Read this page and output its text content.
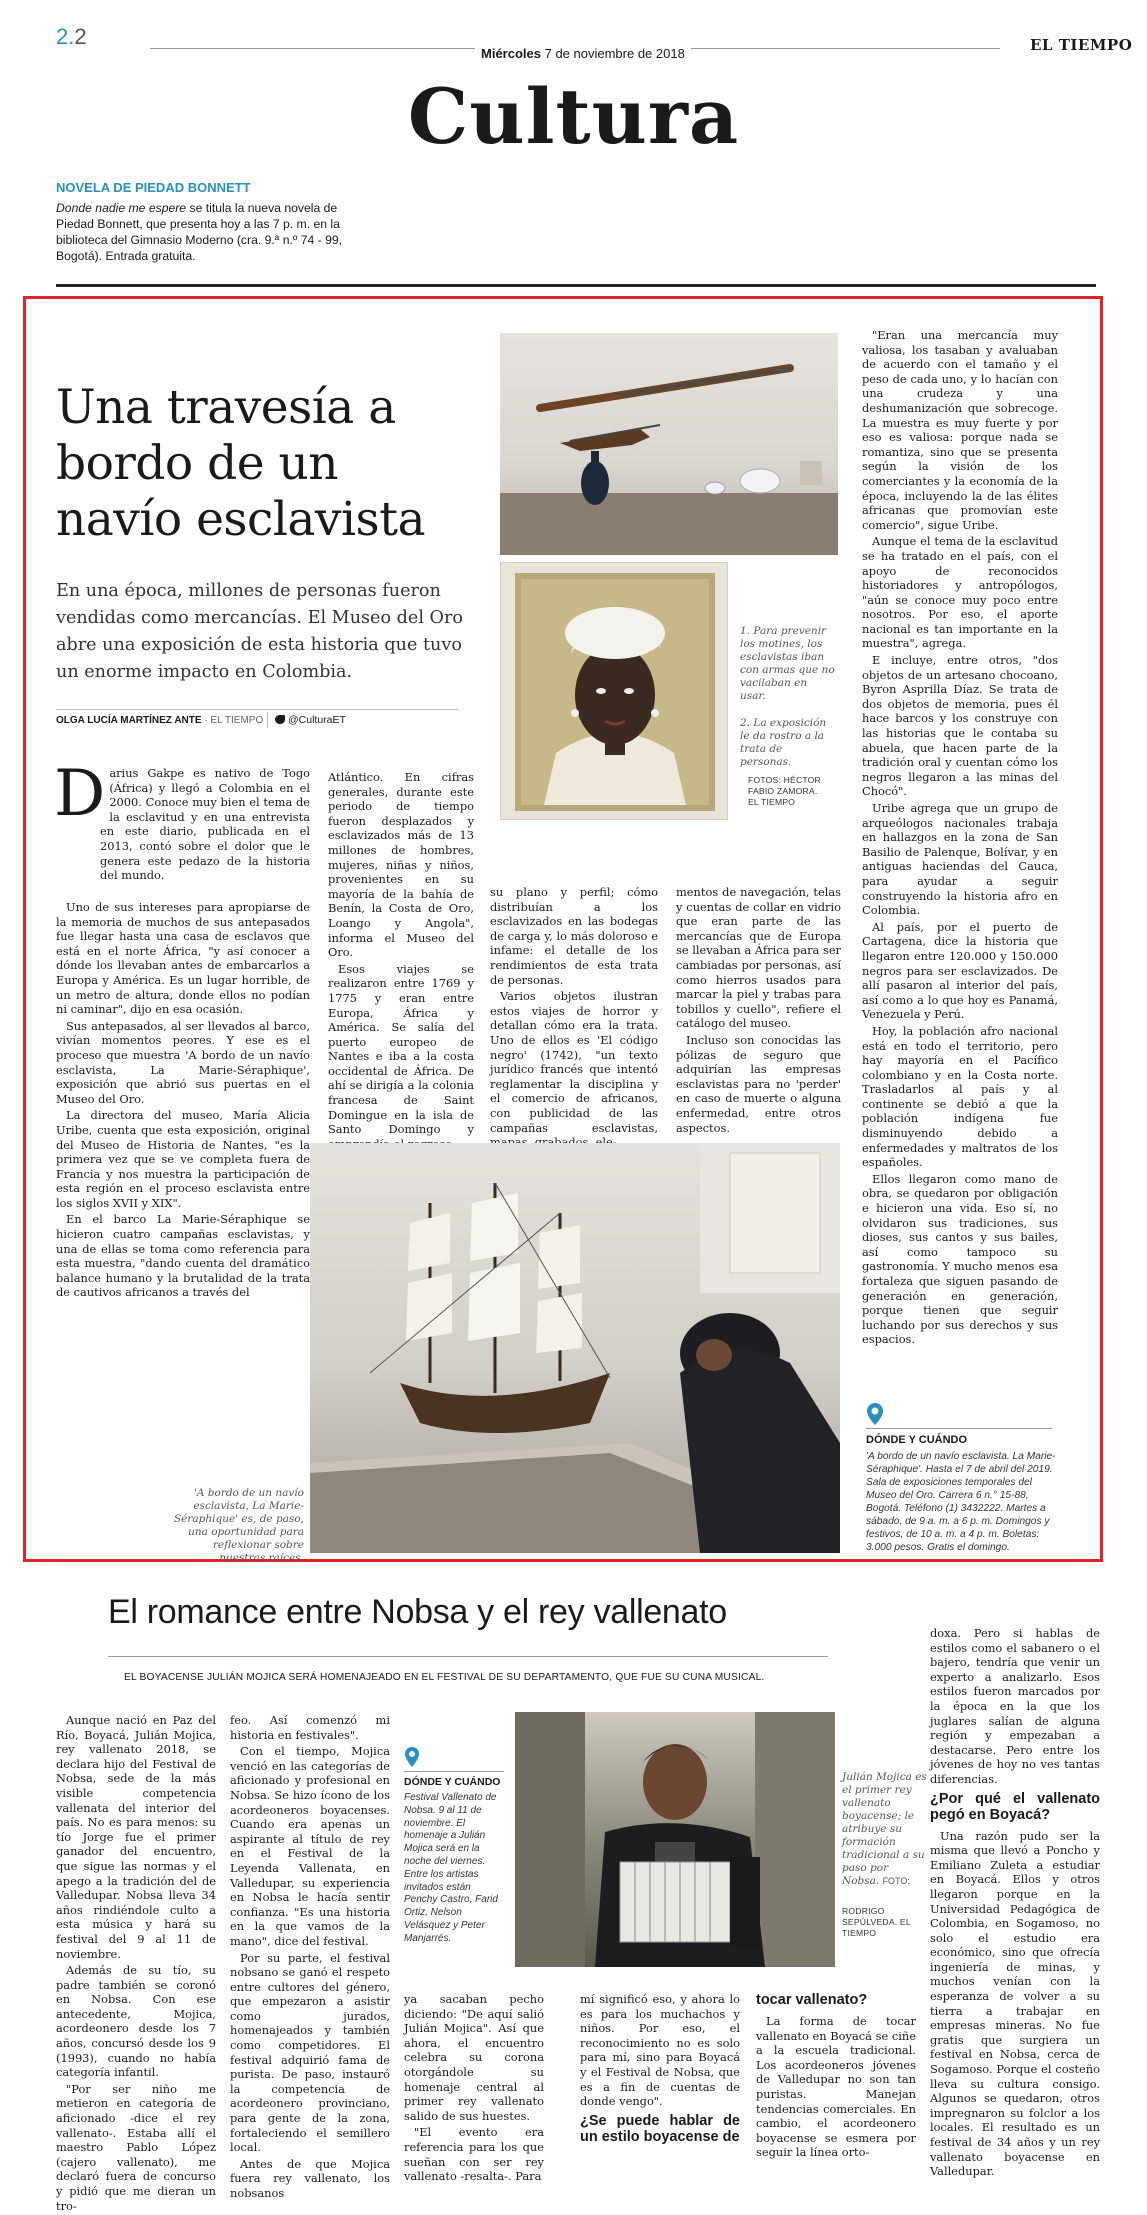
2.2
Miércoles 7 de noviembre de 2018	EL TIEMPO
Cultura
NOVELA DE PIEDAD BONNETT
Donde nadie me espere se titula la nueva novela de Piedad Bonnett, que presenta hoy a las 7 p. m. en la biblioteca del Gimnasio Moderno (cra. 9.ª n.º 74 - 99, Bogotá). Entrada gratuita.
Una travesía a bordo de un navío esclavista
En una época, millones de personas fueron vendidas como mercancías. El Museo del Oro abre una exposición de esta historia que tuvo un enorme impacto en Colombia.
OLGA LUCÍA MARTÍNEZ ANTE · EL TIEMPO	@CulturaET
1. Para prevenir los motines, los esclavistas iban con armas que no vacilaban en usar.
2. La exposición le da rostro a la trata de personas.
FOTOS: HÉCTOR FABIO ZAMORA. EL TIEMPO

Darius Gakpe es nativo de Togo (África) y llegó a Colombia en el 2000. Conoce muy bien el tema de la esclavitud y en una entrevista en este diario, publicada en el 2013, contó sobre el dolor que le genera este pedazo de la historia del mundo.

Uno de sus intereses para apropiarse de la memoria de muchos de sus antepasados fue llegar hasta una casa de esclavos que está en el norte África, "y así conocer a dónde los llevaban antes de embarcarlos a Europa y América. Es un lugar horrible, de un metro de altura, donde ellos no podían ni caminar", dijo en esa ocasión.

Sus antepasados, al ser llevados al barco, vivían momentos peores. Y ese es el proceso que muestra 'A bordo de un navío esclavista, La Marie-Séraphique', exposición que abrió sus puertas en el Museo del Oro.

La directora del museo, María Alicia Uribe, cuenta que esta exposición, original del Museo de Historia de Nantes, "es la primera vez que se ve completa fuera de Francia y nos muestra la participación de esta región en el proceso esclavista entre los siglos XVII y XIX".

En el barco La Marie-Séraphique se hicieron cuatro campañas esclavistas, y una de ellas se toma como referencia para esta muestra, "dando cuenta del dramático balance humano y la brutalidad de la trata de cautivos africanos a través del

Atlántico. En cifras generales, durante este periodo de tiempo fueron desplazados y esclavizados más de 13 millones de hombres, mujeres, niñas y niños, provenientes en su mayoría de la bahía de Benín, la Costa de Oro, Loango y Angola", informa el Museo del Oro.

Esos viajes se realizaron entre 1769 y 1775 y eran entre Europa, África y América. Se salía del puerto europeo de Nantes e iba a la costa occidental de África. De ahí se dirigía a la colonia francesa de Saint Domingue en la isla de Santo Domingo y

su plano y perfil; cómo distribuían a los esclavizados en las bodegas de carga y, lo más doloroso e infame: el detalle de los rendimientos de esta trata de personas.

Varios objetos ilustran estos viajes de horror y detallan cómo era la trata. Uno de ellos es 'El código negro' (1742), "un texto jurídico francés que intentó reglamentar la disciplina y el comercio de africanos, con publicidad de las campañas esclavistas,

mentos de navegación, telas y cuentas de collar en vidrio que eran parte de las mercancías que de Europa se llevaban a África para ser cambiadas por personas, así como hierros usados para marcar la piel y trabas para tobillos y cuello", refiere el catálogo del museo.

Incluso son conocidas las pólizas de seguro que adquirían las empresas esclavistas para no 'perder' en caso de muerte o alguna enfermedad, entre otros aspectos.

"Eran una mercancía muy valiosa, los tasaban y avaluaban de acuerdo con el tamaño y el peso de cada uno, y lo hacían con una crudeza y una deshumanización que sobrecoge. La muestra es muy fuerte y por eso es valiosa: porque nada se romantiza, sino que se presenta según la visión de los comerciantes y la economía de la época, incluyendo la de las élites africanas que promovían este comercio", sigue Uribe.

Aunque el tema de la esclavitud se ha tratado en el país, con el apoyo de reconocidos historiadores y antropólogos, "aún se conoce muy poco entre nosotros. Por eso, el aporte nacional es tan importante en la muestra", agrega.

E incluye, entre otros, "dos objetos de un artesano chocoano, Byron Asprilla Díaz. Se trata de dos objetos de memoria, pues él hace barcos y los construye con las historias que le contaba su abuela, que hacen parte de la tradición oral y cuentan cómo los negros llegaron a las minas del Chocó".

Uribe agrega que un grupo de arqueólogos nacionales trabaja en hallazgos en la zona de San Basilio de Palenque, Bolívar, y en antiguas haciendas del Cauca, para ayudar a seguir construyendo la historia afro en Colombia.

Al país, por el puerto de Cartagena, dice la historia que llegaron entre 120.000 y 150.000 negros para ser esclavizados. De allí pasaron al interior del país, así como a lo que hoy es Panamá, Venezuela y Perú.

Hoy, la población afro nacional está en todo el territorio, pero hay mayoría en el Pacífico colombiano y en la Costa norte. Trasladarlos al país y al continente se debió a que la población indígena fue disminuyendo debido a enfermedades y maltratos de los españoles.

Ellos llegaron como mano de obra, se quedaron por obligación e hicieron una vida. Eso sí, no olvidaron sus tradiciones, sus dioses, sus cantos y sus bailes, así como tampoco su gastronomía. Y mucho menos esa fortaleza que siguen pasando de generación en generación, porque tienen que seguir luchando por sus derechos y sus espacios.

'A bordo de un navío esclavista, La Marie-Séraphique' es, de paso, una oportunidad para reflexionar sobre nuestras raíces.
DÓNDE Y CUÁNDO
'A bordo de un navío esclavista. La Marie-Séraphique'. Hasta el 7 de abril del 2019. Sala de exposiciones temporales del Museo del Oro. Carrera 6 n.° 15-88, Bogotá. Teléfono (1) 3432222. Martes a sábado, de 9 a. m. a 6 p. m. Domingos y festivos, de 10 a. m. a 4 p. m. Boletas: 3.000 pesos. Gratis el domingo.
El romance entre Nobsa y el rey vallenato
EL BOYACENSE JULIÁN MOJICA SERÁ HOMENAJEADO EN EL FESTIVAL DE SU DEPARTAMENTO, QUE FUE SU CUNA MUSICAL.

Aunque nació en Paz del Río, Boyacá, Julián Mojica, rey vallenato 2018, se declara hijo del Festival de Nobsa, sede de la más visible competencia vallenata del interior del país. No es para menos: su tío Jorge fue el primer ganador del encuentro, que sigue las normas y el apego a la tradición del de Valledupar. Nobsa lleva 34 años rindiéndole culto a esta música y hará su festival del 9 al 11 de noviembre.

Además de su tío, su padre también se coronó en Nobsa. Con ese antecedente, Mojica, acordeonero desde los 7 años, concursó desde los 9 (1993), cuando no había categoría infantil.

"Por ser niño me metieron en categoría de aficionado -dice el rey vallenato-. Estaba allí el maestro Pablo López (cajero vallenato), me declaró fuera de concurso y pidió que me dieran un tro-

feo. Así comenzó mi historia en festivales".

Con el tiempo, Mojica venció en las categorías de aficionado y profesional en Nobsa. Se hizo ícono de los acordeoneros boyacenses. Cuando era apenas un aspirante al título de rey en el Festival de la Leyenda Vallenata, en Valledupar, su experiencia en Nobsa le hacía sentir confianza. "Es una historia en la que vamos de la mano", dice del festival.

Por su parte, el festival nobsano se ganó el respeto entre cultores del género, que empezaron a asistir como jurados, homenajeados y también como competidores. El festival adquirió fama de purista. De paso, instauró la competencia de acordeonero provinciano, para gente de la zona, fortaleciendo el semillero local.

Antes de que Mojica fuera rey vallenato, los nobsanos

DÓNDE Y CUÁNDO
Festival Vallenato de Nobsa. 9 al 11 de noviembre. El homenaje a Julián Mojica será en la noche del viernes. Entre los artistas invitados están Penchy Castro, Farid Ortiz, Nelson Velásquez y Peter Manjarrés.
Julián Mojica es el primer rey vallenato boyacense; le atribuye su formación tradicional a su paso por Nobsa. FOTO:
RODRIGO SEPÚLVEDA. EL TIEMPO

ya sacaban pecho diciendo: "De aquí salió Julián Mojica". Así que ahora, el encuentro celebra su corona otorgándole su homenaje central al primer rey vallenato salido de sus huestes.

"El evento era referencia para los que sueñan con ser rey vallenato -resalta-. Para

mí significó eso, y ahora lo es para los muchachos y niños. Por eso, el reconocimiento no es solo para mí, sino para Boyacá y el Festival de Nobsa, que es a fin de cuentas de donde vengo".

¿Se puede hablar de un estilo boyacense de
tocar vallenato?

La forma de tocar vallenato en Boyacá se ciñe a la escuela tradicional. Los acordeoneros jóvenes de Valledupar no son tan puristas. Manejan tendencias comerciales. En cambio, el acordeonero boyacense se esmera por seguir la línea orto-

doxa. Pero si hablas de estilos como el sabanero o el bajero, tendría que venir un experto a analizarlo. Esos estilos fueron marcados por la época en la que los juglares salían de alguna región y empezaban a destacarse. Pero entre los jóvenes de hoy no ves tantas diferencias.

¿Por qué el vallenato pegó en Boyacá?

Una razón pudo ser la misma que llevó a Poncho y Emiliano Zuleta a estudiar en Boyacá. Ellos y otros llegaron porque en la Universidad Pedagógica de Colombia, en Sogamoso, no solo el estudio era económico, sino que ofrecía ingeniería de minas, y muchos venían con la esperanza de volver a su tierra a trabajar en empresas mineras. No fue gratis que surgiera un festival en Nobsa, cerca de Sogamoso. Porque el costeño lleva su cultura consigo. Algunos se quedaron, otros impregnaron su folclor a los locales. El resultado es un festival de 34 años y un rey vallenato boyacense en Valledupar.
